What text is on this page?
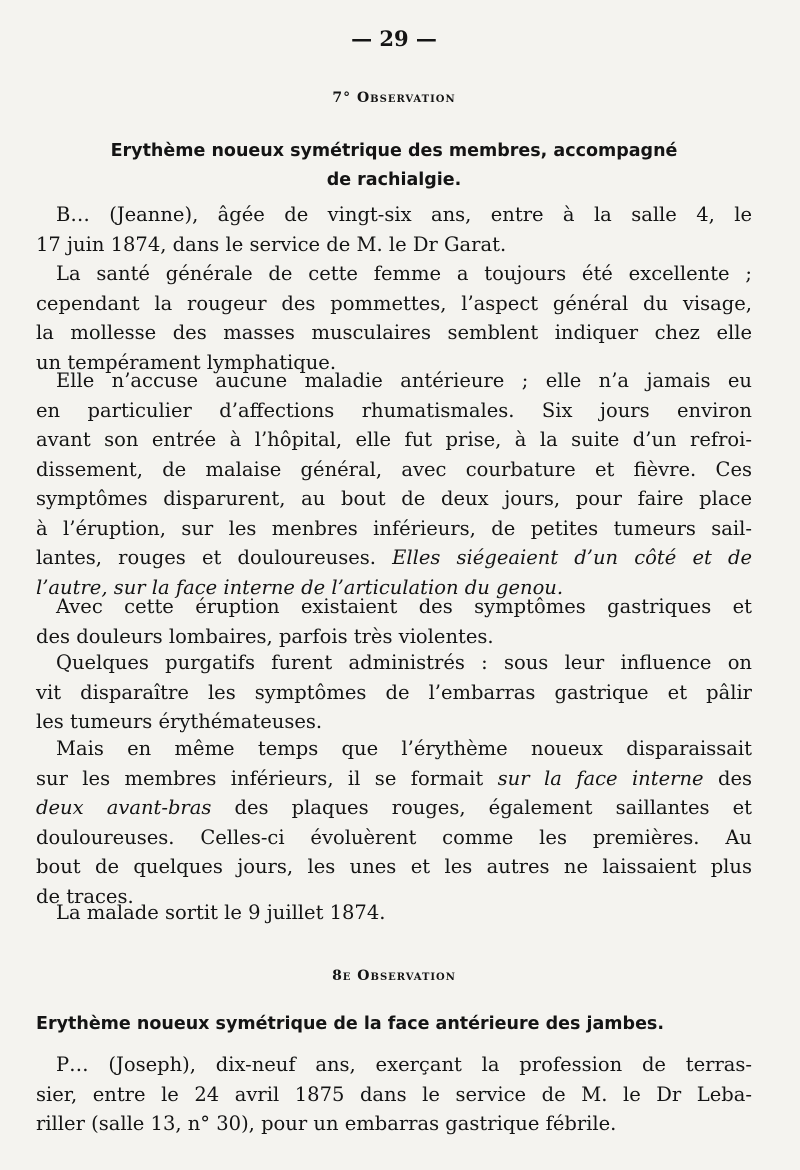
— 29 —
7° Observation
Erythème noueux symétrique des membres, accompagné
de rachialgie.
B… (Jeanne), âgée de vingt-six ans, entre à la salle 4, le
17 juin 1874, dans le service de M. le Dr Garat.
La santé générale de cette femme a toujours été excellente ;
cependant la rougeur des pommettes, l’aspect général du visage,
la mollesse des masses musculaires semblent indiquer chez elle
un tempérament lymphatique.
Elle n’accuse aucune maladie antérieure ; elle n’a jamais eu
en particulier d’affections rhumatismales. Six jours environ
avant son entrée à l’hôpital, elle fut prise, à la suite d’un refroi-
dissement, de malaise général, avec courbature et fièvre. Ces
symptômes disparurent, au bout de deux jours, pour faire place
à l’éruption, sur les menbres inférieurs, de petites tumeurs sail-
lantes, rouges et douloureuses. Elles siégeaient d’un côté et de
l’autre, sur la face interne de l’articulation du genou.
Avec cette éruption existaient des symptômes gastriques et
des douleurs lombaires, parfois très violentes.
Quelques purgatifs furent administrés : sous leur influence on
vit disparaître les symptômes de l’embarras gastrique et pâlir
les tumeurs érythémateuses.
Mais en même temps que l’érythème noueux disparaissait
sur les membres inférieurs, il se formait sur la face interne des
deux avant-bras des plaques rouges, également saillantes et
douloureuses. Celles-ci évoluèrent comme les premières. Au
bout de quelques jours, les unes et les autres ne laissaient plus
de traces.
La malade sortit le 9 juillet 1874.
8e Observation
Erythème noueux symétrique de la face antérieure des jambes.
P… (Joseph), dix-neuf ans, exerçant la profession de terras-
sier, entre le 24 avril 1875 dans le service de M. le Dr Leba-
riller (salle 13, n° 30), pour un embarras gastrique fébrile.
